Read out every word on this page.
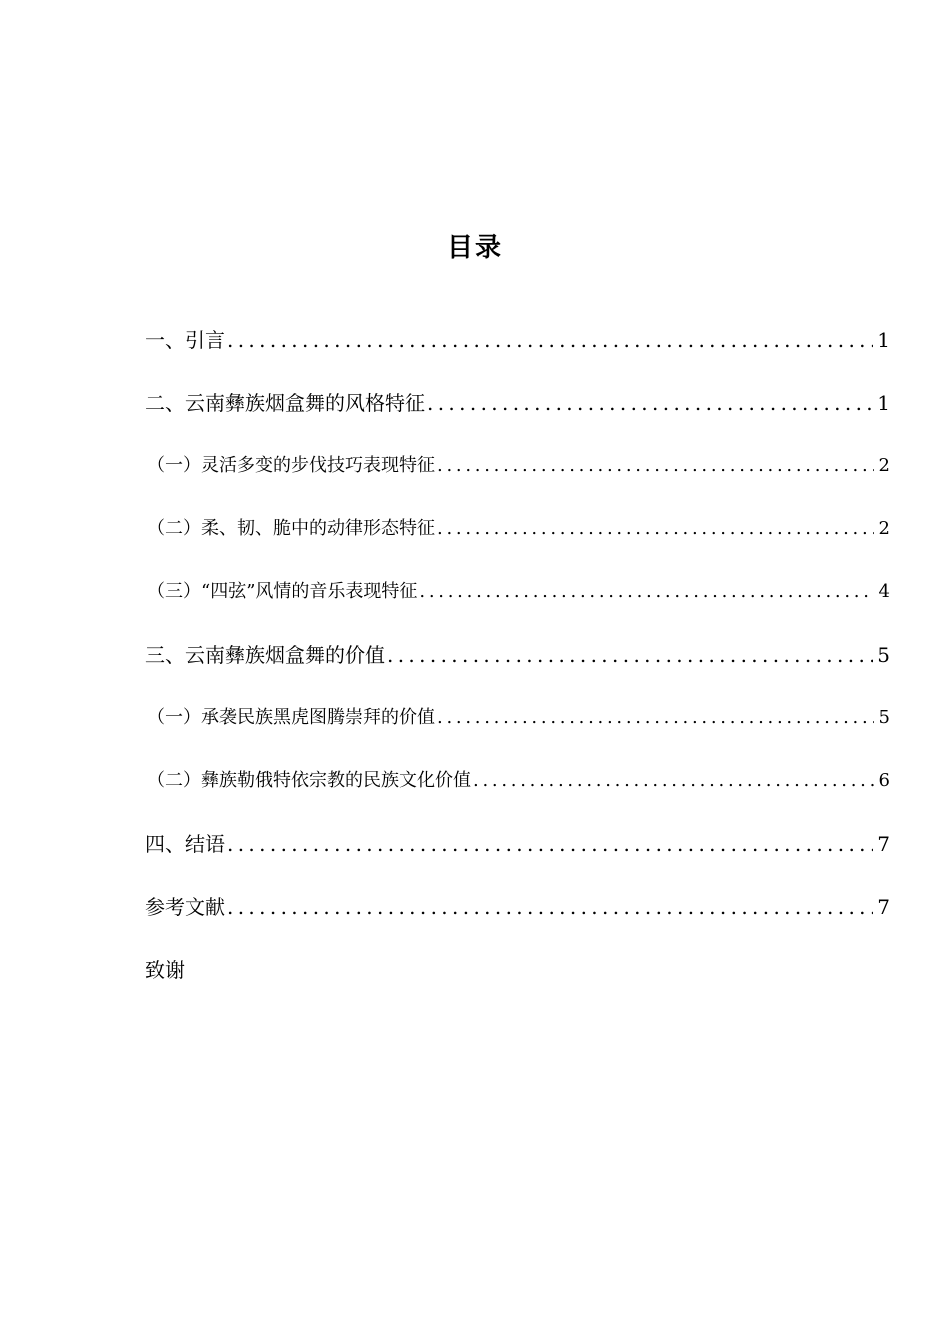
目录
一、引言 . . .	1
二、云南彝族烟盒舞的风格特征 . . .	1
（一）灵活多变的步伐技巧表现特征 . . .	2
（二）柔、韧、脆中的动律形态特征 . . .	2
（三）“四弦”风情的音乐表现特征 . . .	4
三、云南彝族烟盒舞的价值 . . .	5
（一）承袭民族黑虎图腾崇拜的价值 . . .	5
（二）彝族勒俄特依宗教的民族文化价值 . . .	6
四、结语 . . .	7
参考文献 . . .	7
致谢
